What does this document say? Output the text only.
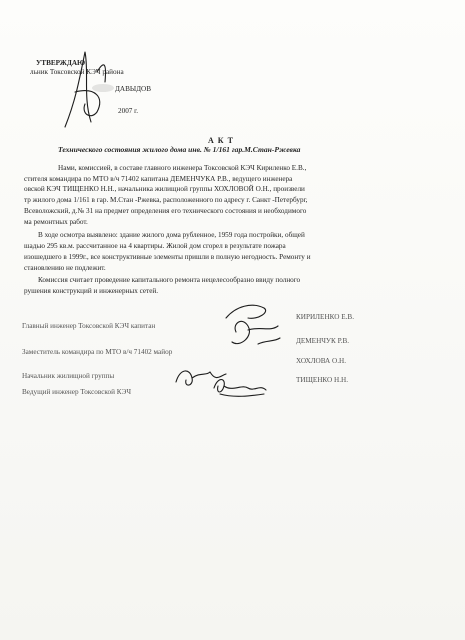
УТВЕРЖДАЮ
льник Токсовской КЭЧ района
ДАВЫДОВ
2007 г.
А К Т
Технического состояния жилого дома инв. № 1/161 гар.М.Стан-Ржевка
Нами, комиссией, в составе главного инженера Токсовской КЭЧ Кириленко Е.В.,
стителя командира по МТО в/ч 71402 капитана ДЕМЕНЧУКА Р.В., ведущего инженера
овской КЭЧ ТИЩЕНКО Н.Н., начальника жилищной группы ХОХЛОВОЙ О.Н., произвели
тр жилого дома 1/161 в гар. М.Стан -Ржевка, расположенного по адресу г. Санкт -Петербург,
Всеволожский, д.№ 31 на предмет определения его технического состояния и необходимого
ма ремонтных работ.
В ходе осмотра выявлено: здание жилого дома рубленное, 1959 года постройки, общей
шадью 295 кв.м. рассчитанное на 4 квартиры. Жилой дом сгорел в результате пожара
изошедшего в 1999г., все конструктивные элементы пришли в полную негодность. Ремонту и
становлению не подлежит.
Комиссия считает проведение капитального ремонта нецелесообразно ввиду полного
рушения конструкций и инженерных сетей.
Главный инженер Токсовской КЭЧ капитан
Заместитель командира по МТО в/ч 71402 майор
Начальник жилищной группы
Ведущий инженер Токсовской КЭЧ
КИРИЛЕНКО Е.В.
ДЕМЕНЧУК Р.В.
ХОХЛОВА О.Н.
ТИЩЕНКО Н.Н.
